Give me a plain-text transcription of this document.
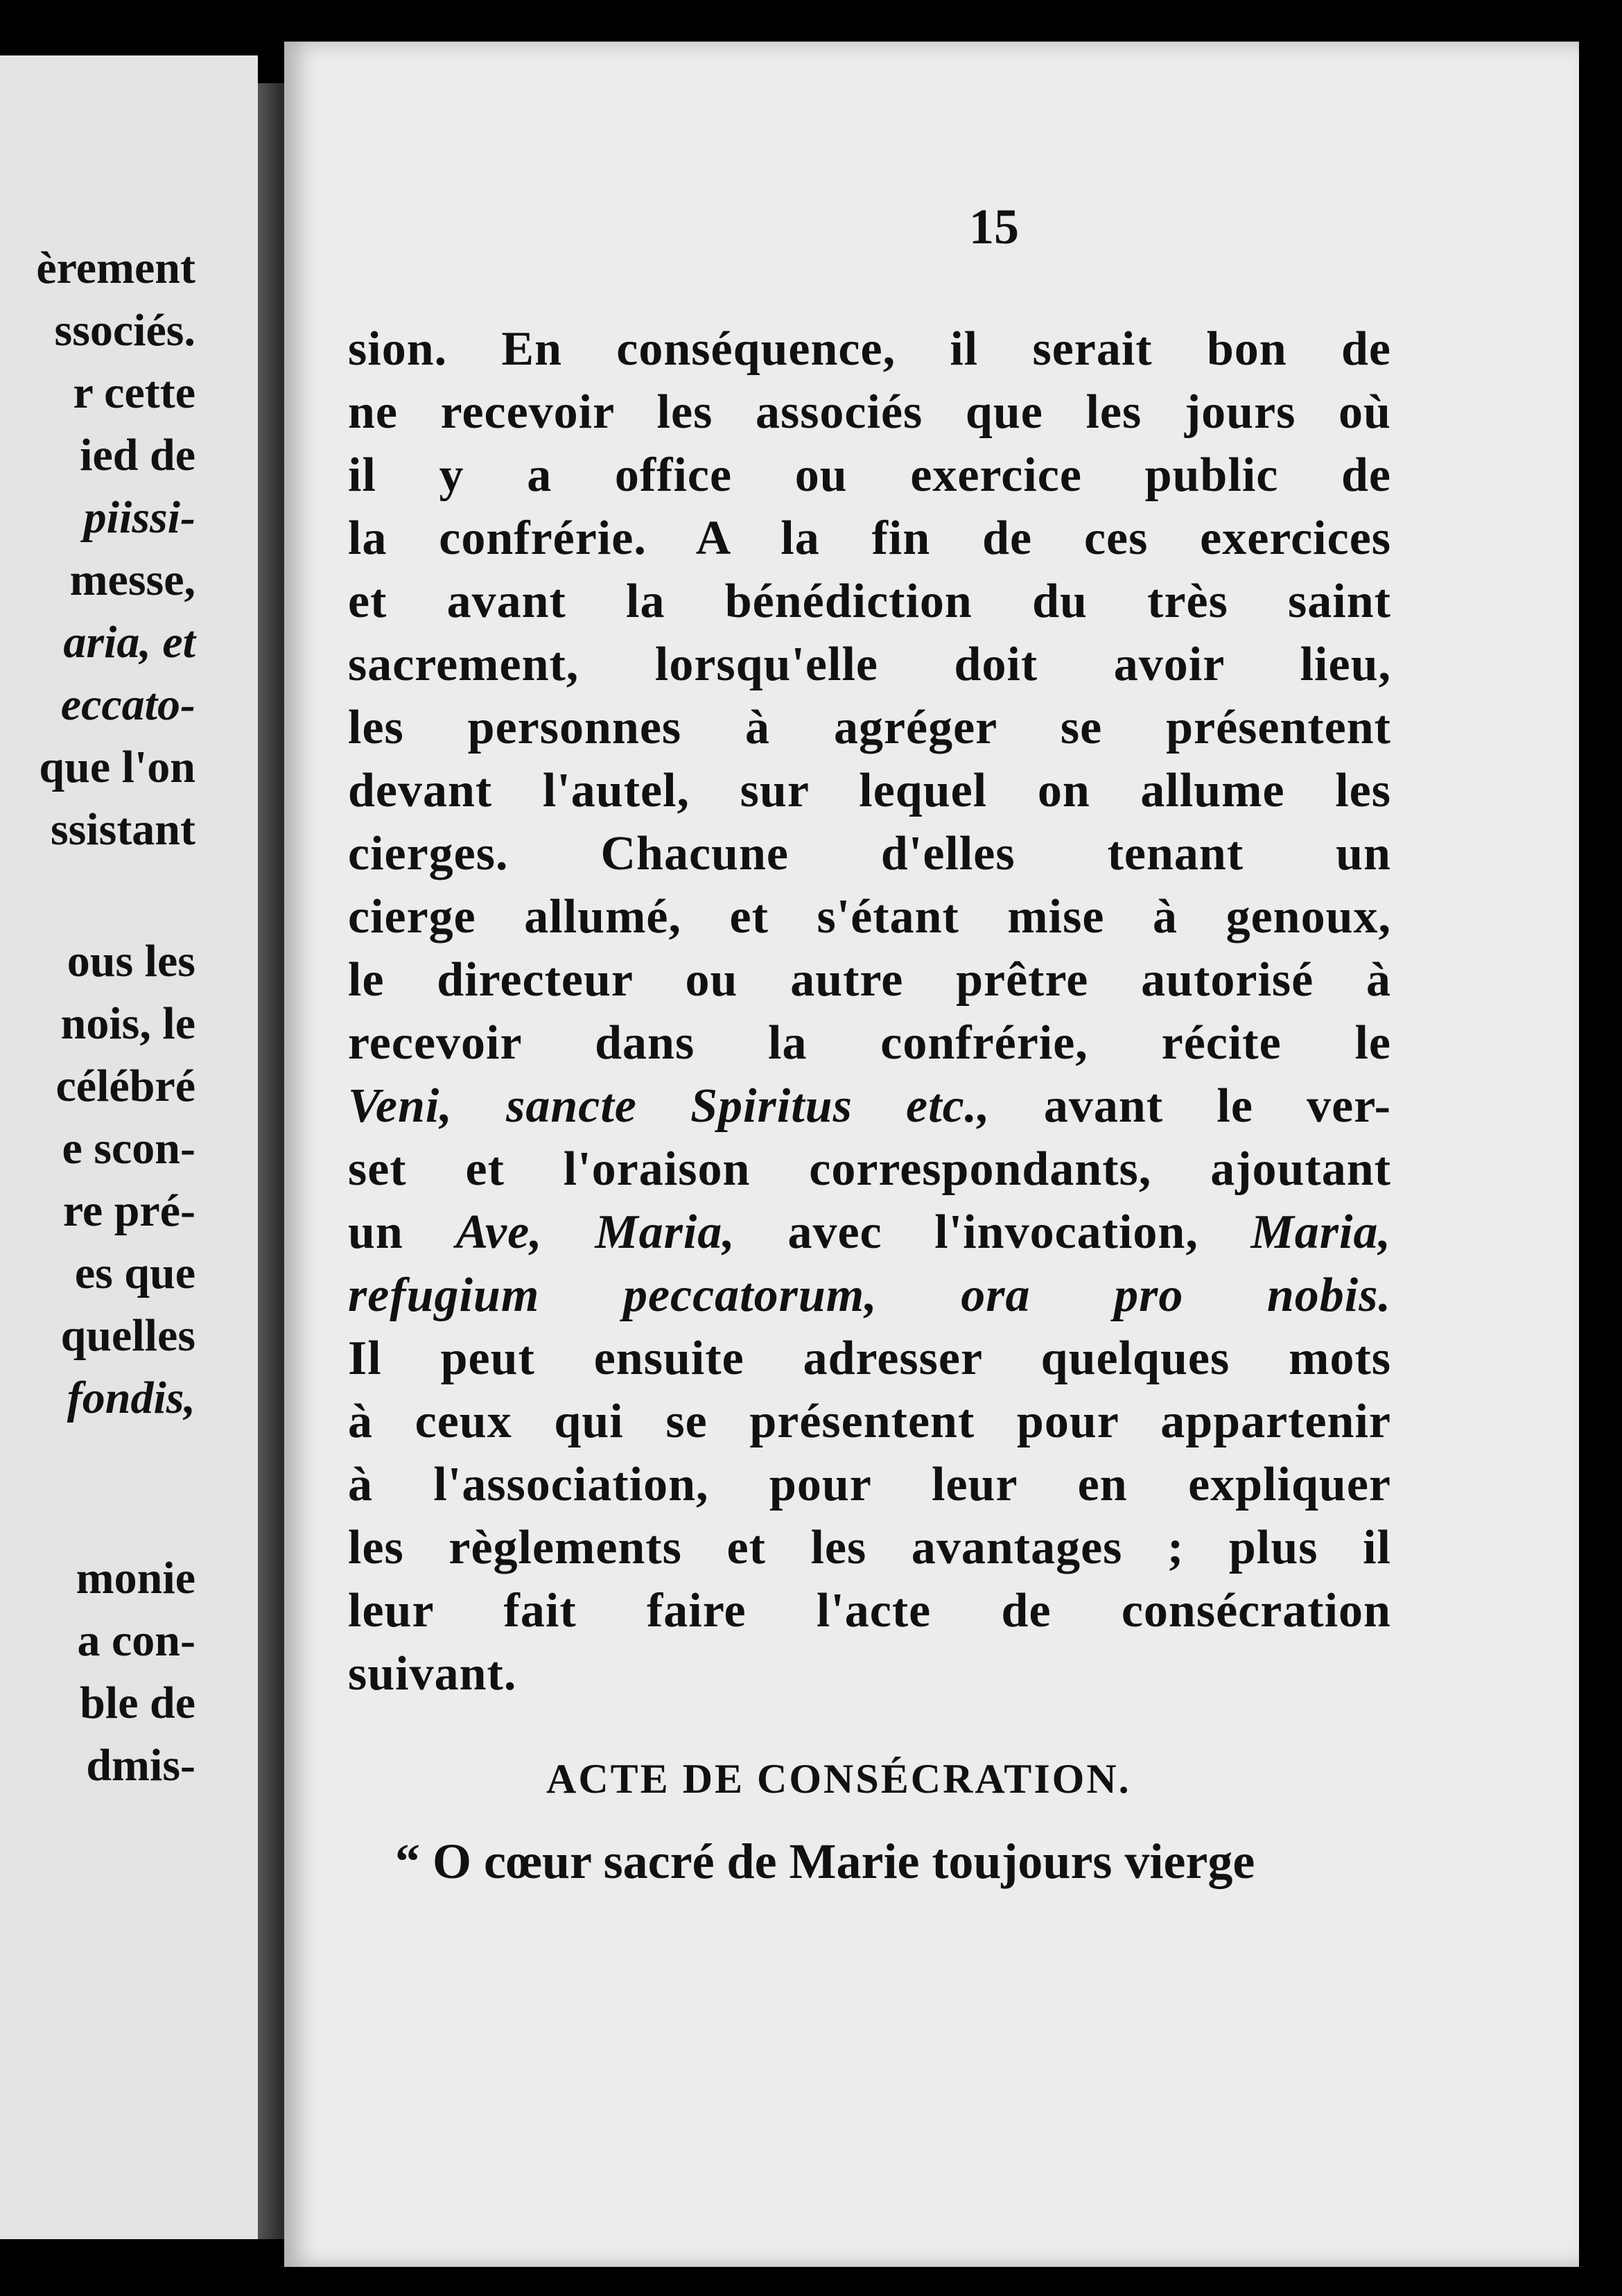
èrement
ssociés.
r cette
ied de
piissi-
messe,
aria, et
eccato-
que l'on
ssistant
ous les
nois, le
célébré
e scon-
re pré-
es que
quelles
fondis,
monie
a con-
ble de
dmis-
15
sion. En conséquence, il serait bon de
ne recevoir les associés que les jours où
il y a office ou exercice public de
la confrérie. A la fin de ces exercices
et avant la bénédiction du très saint
sacrement, lorsqu'elle doit avoir lieu,
les personnes à agréger se présentent
devant l'autel, sur lequel on allume les
cierges. Chacune d'elles tenant un
cierge allumé, et s'étant mise à genoux,
le directeur ou autre prêtre autorisé à
recevoir dans la confrérie, récite le
Veni, sancte Spiritus etc., avant le ver-
set et l'oraison correspondants, ajoutant
un Ave, Maria, avec l'invocation, Maria,
refugium peccatorum, ora pro nobis.
Il peut ensuite adresser quelques mots
à ceux qui se présentent pour appartenir
à l'association, pour leur en expliquer
les règlements et les avantages ; plus il
leur fait faire l'acte de consécration
suivant.
ACTE DE CONSÉCRATION.
“ O cœur sacré de Marie toujours vierge
